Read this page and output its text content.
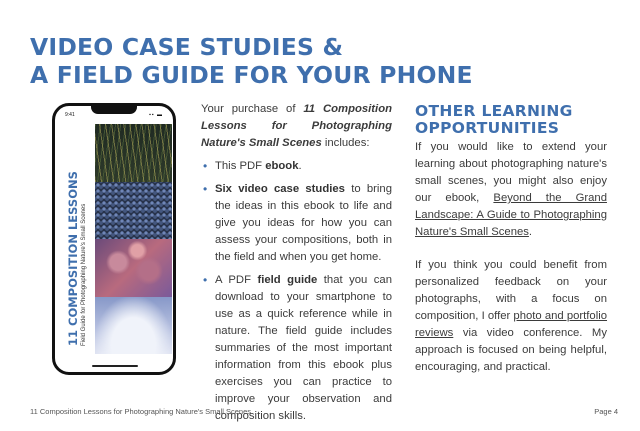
VIDEO CASE STUDIES &
A FIELD GUIDE FOR YOUR PHONE
9:41	▪▪ ▬
11 COMPOSITION LESSONS Field Guide for Photographing Nature's Small Scenes

Your purchase of 11 Composition Lessons for Photographing Nature's Small Scenes includes:

• This PDF ebook.
• Six video case studies to bring the ideas in this ebook to life and give you ideas for how you can assess your compositions, both in the field and when you get home.
• A PDF field guide that you can download to your smartphone to use as a quick reference while in nature. The field guide includes summaries of the most important information from this ebook plus exercises you can practice to improve your observation and composition skills.
OTHER LEARNING
OPPORTUNITIES

If you would like to extend your learning about photographing nature's small scenes, you might also enjoy our ebook, Beyond the Grand Landscape: A Guide to Photographing Nature's Small Scenes.

If you think you could benefit from personalized feedback on your photographs, with a focus on composition, I offer photo and portfolio reviews via video conference. My approach is focused on being helpful, encouraging, and practical.

11 Composition Lessons for Photographing Nature's Small Scenes	Page 4
